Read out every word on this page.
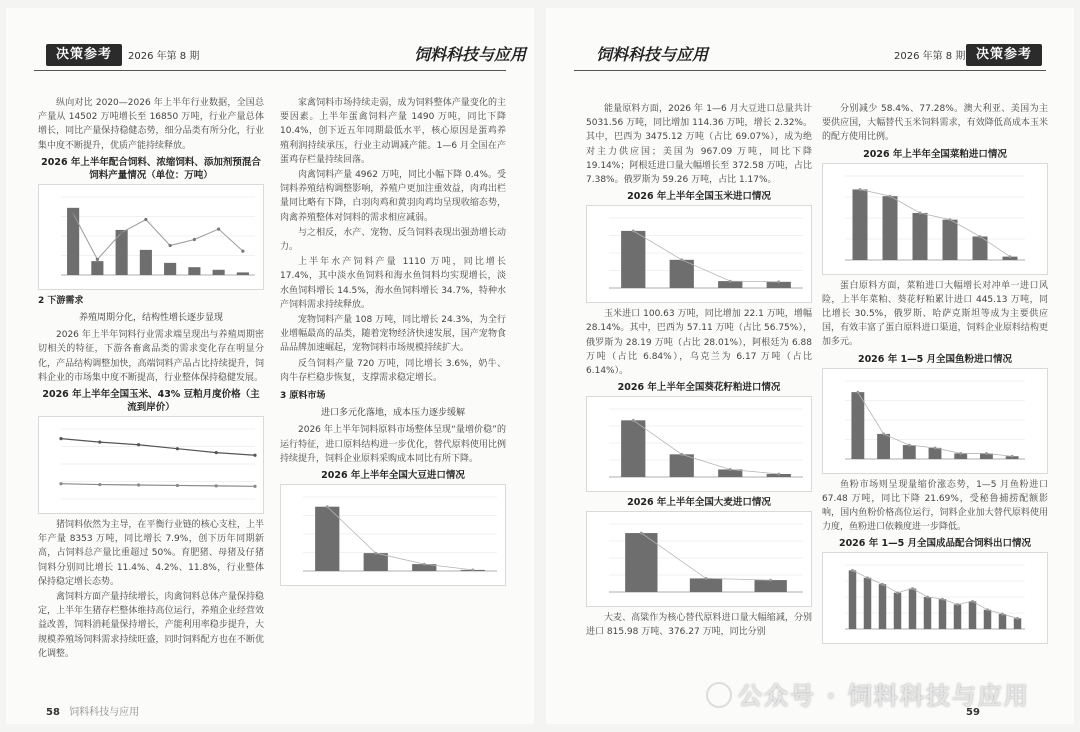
决策参考	2026 年第 8 期	饲料科技与应用

纵向对比 2020—2026 年上半年行业数据，全国总产量从 14502 万吨增长至 16850 万吨，行业产量总体增长，同比产量保持稳健态势，细分品类有所分化，行业集中度不断提升，优质产能持续释放。

2026 年上半年配合饲料、浓缩饲料、添加剂预混合饲料产量情况（单位：万吨）
2 下游需求
养殖周期分化，结构性增长逐步显现

2026 年上半年饲料行业需求端呈现出与养殖周期密切相关的特征，下游各畜禽品类的需求变化存在明显分化，产品结构调整加快，高端饲料产品占比持续提升，饲料企业的市场集中度不断提高，行业整体保持稳健发展。

2026 年上半年全国玉米、43% 豆粕月度价格（主流到岸价）

猪饲料依然为主导，在平衡行业链的核心支柱，上半年产量 8353 万吨，同比增长 7.9%，创下历年同期新高，占饲料总产量比重超过 50%。育肥猪、母猪及仔猪饲料分别同比增长 11.4%、4.2%、11.8%，行业整体保持稳定增长态势。

禽饲料方面产量持续增长，肉禽饲料总体产量保持稳定，上半年生猪存栏整体维持高位运行，养殖企业经营效益改善，饲料消耗量保持增长，产能利用率稳步提升，大规模养殖场饲料需求持续旺盛，同时饲料配方也在不断优化调整。

家禽饲料市场持续走弱，成为饲料整体产量变化的主要因素。上半年蛋禽饲料产量 1490 万吨，同比下降 10.4%，创下近五年同期最低水平，核心原因是蛋鸡养殖利润持续承压，行业主动调减产能。1—6 月全国在产蛋鸡存栏量持续回落。

肉禽饲料产量 4962 万吨，同比小幅下降 0.4%。受饲料养殖结构调整影响，养殖户更加注重效益，肉鸡出栏量同比略有下降，白羽肉鸡和黄羽肉鸡均呈现收缩态势，肉禽养殖整体对饲料的需求相应减弱。

与之相反，水产、宠物、反刍饲料表现出强劲增长动力。

上半年水产饲料产量 1110 万吨，同比增长 17.4%，其中淡水鱼饲料和海水鱼饲料均实现增长，淡水鱼饲料增长 14.5%，海水鱼饲料增长 34.7%，特种水产饲料需求持续释放。

宠物饲料产量 108 万吨，同比增长 24.3%，为全行业增幅最高的品类，随着宠物经济快速发展，国产宠物食品品牌加速崛起，宠物饲料市场规模持续扩大。

反刍饲料产量 720 万吨，同比增长 3.6%，奶牛、肉牛存栏稳步恢复，支撑需求稳定增长。

3 原料市场
进口多元化落地，成本压力逐步缓解

2026 年上半年饲料原料市场整体呈现“量增价稳”的运行特征，进口原料结构进一步优化，替代原料使用比例持续提升，饲料企业原料采购成本同比有所下降。

2026 年上半年全国大豆进口情况
58 饲料科技与应用
饲料科技与应用	2026 年第 8 期 决策参考

能量原料方面，2026 年 1—6 月大豆进口总量共计 5031.56 万吨，同比增加 114.36 万吨，增长 2.32%。其中，巴西为 3475.12 万吨（占比 69.07%），成为绝对主力供应国；美国为 967.09 万吨，同比下降 19.14%；阿根廷进口量大幅增长至 372.58 万吨，占比 7.38%。俄罗斯为 59.26 万吨，占比 1.17%。

2026 年上半年全国玉米进口情况

玉米进口 100.63 万吨，同比增加 22.1 万吨，增幅 28.14%。其中，巴西为 57.11 万吨（占比 56.75%），俄罗斯为 28.19 万吨（占比 28.01%），阿根廷为 6.88 万吨（占比 6.84%），乌克兰为 6.17 万吨（占比 6.14%）。

2026 年上半年全国葵花籽粕进口情况
2026 年上半年全国大麦进口情况

大麦、高粱作为核心替代原料进口量大幅缩减，分别进口 815.98 万吨、376.27 万吨，同比分别

分别减少 58.4%、77.28%。澳大利亚、美国为主要供应国，大幅替代玉米饲料需求，有效降低高成本玉米的配方使用比例。

2026 年上半年全国菜粕进口情况

蛋白原料方面，菜粕进口大幅增长对冲单一进口风险，上半年菜粕、葵花籽粕累计进口 445.13 万吨，同比增长 30.5%，俄罗斯、哈萨克斯坦等成为主要供应国，有效丰富了蛋白原料进口渠道，饲料企业原料结构更加多元。

2026 年 1—5 月全国鱼粉进口情况

鱼粉市场则呈现量缩价涨态势，1—5 月鱼粉进口 67.48 万吨，同比下降 21.69%，受秘鲁捕捞配额影响，国内鱼粉价格高位运行，饲料企业加大替代原料使用力度，鱼粉进口依赖度进一步降低。

2026 年 1—5 月全国成品配合饲料出口情况
59
公众号 · 饲料科技与应用
